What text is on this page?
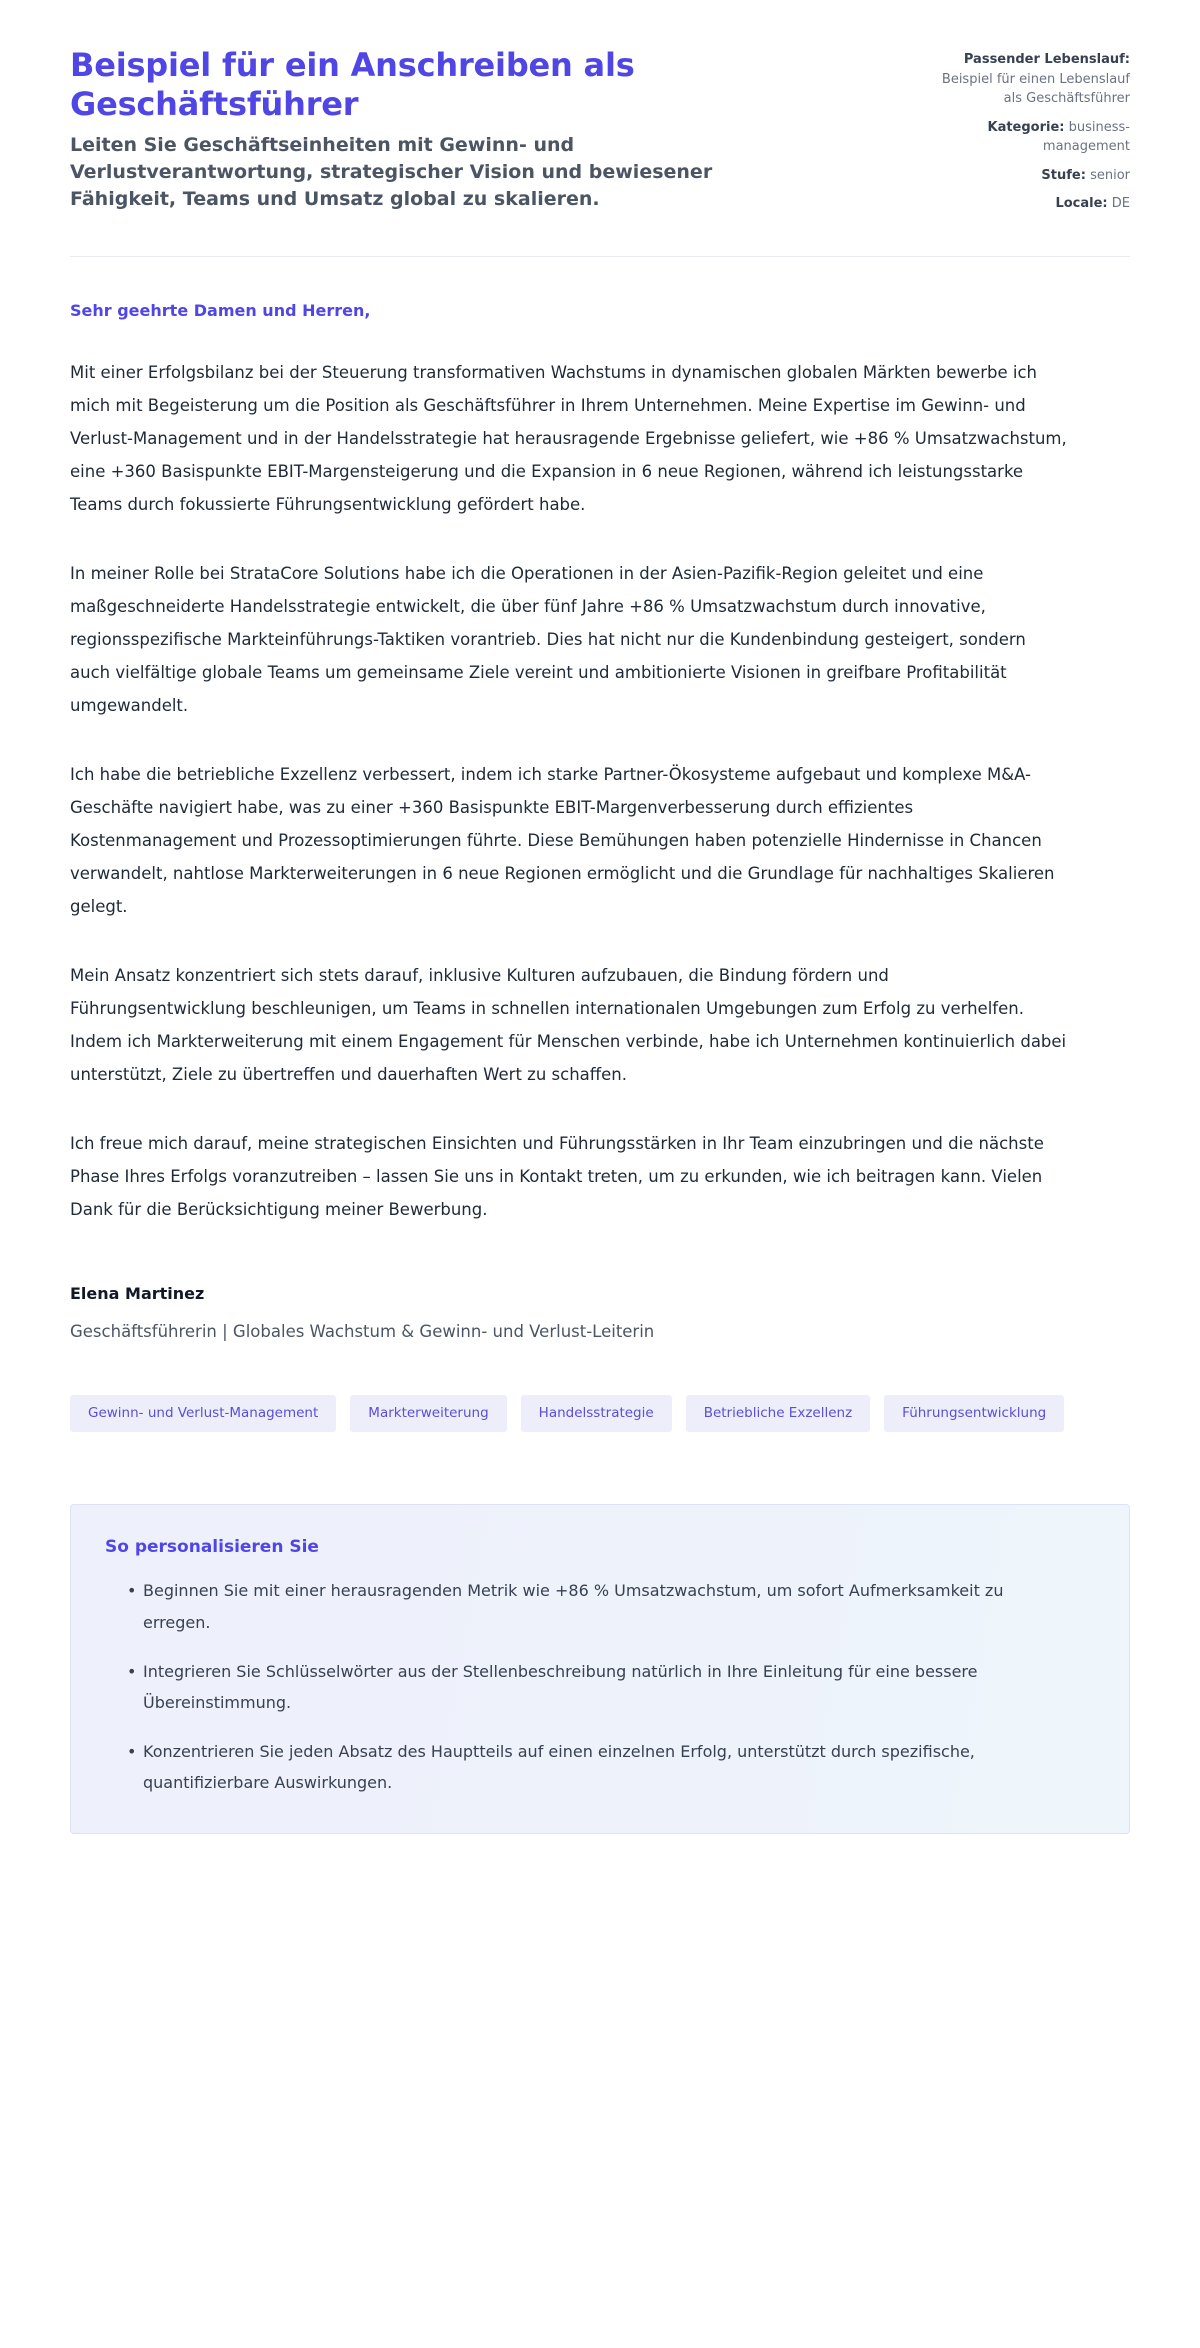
Beispiel für ein Anschreiben als Geschäftsführer

Leiten Sie Geschäftseinheiten mit Gewinn- und Verlustverantwortung, strategischer Vision und bewiesener Fähigkeit, Teams und Umsatz global zu skalieren.

Passender Lebenslauf: Beispiel für einen Lebenslauf als Geschäftsführer
Kategorie: business-management
Stufe: senior
Locale: DE

Sehr geehrte Damen und Herren,

Mit einer Erfolgsbilanz bei der Steuerung transformativen Wachstums in dynamischen globalen Märkten bewerbe ich mich mit Begeisterung um die Position als Geschäftsführer in Ihrem Unternehmen. Meine Expertise im Gewinn- und Verlust-Management und in der Handelsstrategie hat herausragende Ergebnisse geliefert, wie +86 % Umsatzwachstum, eine +360 Basispunkte EBIT-Margensteigerung und die Expansion in 6 neue Regionen, während ich leistungsstarke Teams durch fokussierte Führungsentwicklung gefördert habe.

In meiner Rolle bei StrataCore Solutions habe ich die Operationen in der Asien-Pazifik-Region geleitet und eine maßgeschneiderte Handelsstrategie entwickelt, die über fünf Jahre +86 % Umsatzwachstum durch innovative, regionsspezifische Markteinführungs-Taktiken vorantrieb. Dies hat nicht nur die Kundenbindung gesteigert, sondern auch vielfältige globale Teams um gemeinsame Ziele vereint und ambitionierte Visionen in greifbare Profitabilität umgewandelt.

Ich habe die betriebliche Exzellenz verbessert, indem ich starke Partner-Ökosysteme aufgebaut und komplexe M&A-Geschäfte navigiert habe, was zu einer +360 Basispunkte EBIT-Margenverbesserung durch effizientes Kostenmanagement und Prozessoptimierungen führte. Diese Bemühungen haben potenzielle Hindernisse in Chancen verwandelt, nahtlose Markterweiterungen in 6 neue Regionen ermöglicht und die Grundlage für nachhaltiges Skalieren gelegt.

Mein Ansatz konzentriert sich stets darauf, inklusive Kulturen aufzubauen, die Bindung fördern und Führungsentwicklung beschleunigen, um Teams in schnellen internationalen Umgebungen zum Erfolg zu verhelfen. Indem ich Markterweiterung mit einem Engagement für Menschen verbinde, habe ich Unternehmen kontinuierlich dabei unterstützt, Ziele zu übertreffen und dauerhaften Wert zu schaffen.

Ich freue mich darauf, meine strategischen Einsichten und Führungsstärken in Ihr Team einzubringen und die nächste Phase Ihres Erfolgs voranzutreiben – lassen Sie uns in Kontakt treten, um zu erkunden, wie ich beitragen kann. Vielen Dank für die Berücksichtigung meiner Bewerbung.

Elena Martinez

Geschäftsführerin | Globales Wachstum & Gewinn- und Verlust-Leiterin

Gewinn- und Verlust-Management	Markterweiterung	Handelsstrategie	Betriebliche Exzellenz	Führungsentwicklung
So personalisieren Sie
• Beginnen Sie mit einer herausragenden Metrik wie +86 % Umsatzwachstum, um sofort Aufmerksamkeit zu erregen.
• Integrieren Sie Schlüsselwörter aus der Stellenbeschreibung natürlich in Ihre Einleitung für eine bessere Übereinstimmung.
• Konzentrieren Sie jeden Absatz des Hauptteils auf einen einzelnen Erfolg, unterstützt durch spezifische, quantifizierbare Auswirkungen.
